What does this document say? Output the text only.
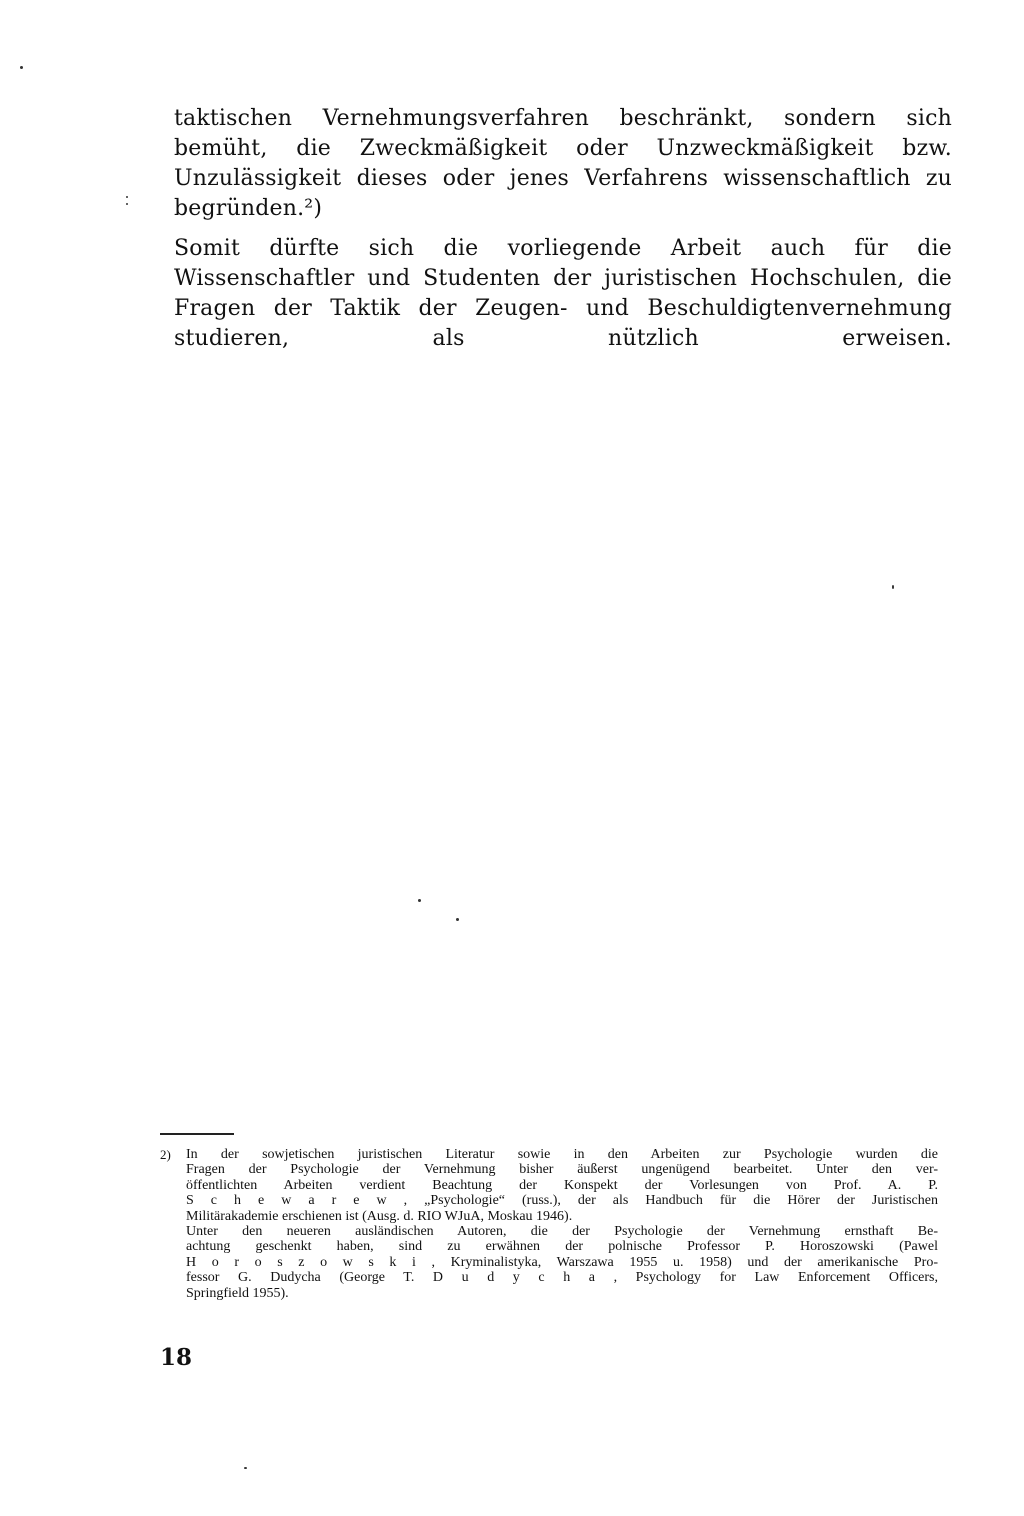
taktischen Vernehmungsverfahren beschränkt, sondern sich bemüht, die Zweckmäßigkeit oder Unzweckmäßigkeit bzw. Unzulässigkeit dieses oder jenes Verfahrens wissenschaftlich zu begründen.²)

Somit dürfte sich die vorliegende Arbeit auch für die Wissenschaftler und Studenten der juristischen Hochschulen, die Fragen der Taktik der Zeugen- und Beschuldigtenvernehmung studieren, als nützlich erweisen.

2) In der sowjetischen juristischen Literatur sowie in den Arbeiten zur Psychologie wurden die
Fragen der Psychologie der Vernehmung bisher äußerst ungenügend bearbeitet. Unter den ver-
öffentlichten Arbeiten verdient Beachtung der Konspekt der Vorlesungen von Prof. A. P.
S c h e w a r e w , „Psychologie“ (russ.), der als Handbuch für die Hörer der Juristischen
Militärakademie erschienen ist (Ausg. d. RIO WJuA, Moskau 1946).
Unter den neueren ausländischen Autoren, die der Psychologie der Vernehmung ernsthaft Be-
achtung geschenkt haben, sind zu erwähnen der polnische Professor P. Horoszowski (Pawel
H o r o s z o w s k i , Kryminalistyka, Warszawa 1955 u. 1958) und der amerikanische Pro-
fessor G. Dudycha (George T. D u d y c h a , Psychology for Law Enforcement Officers,
Springfield 1955).
18
